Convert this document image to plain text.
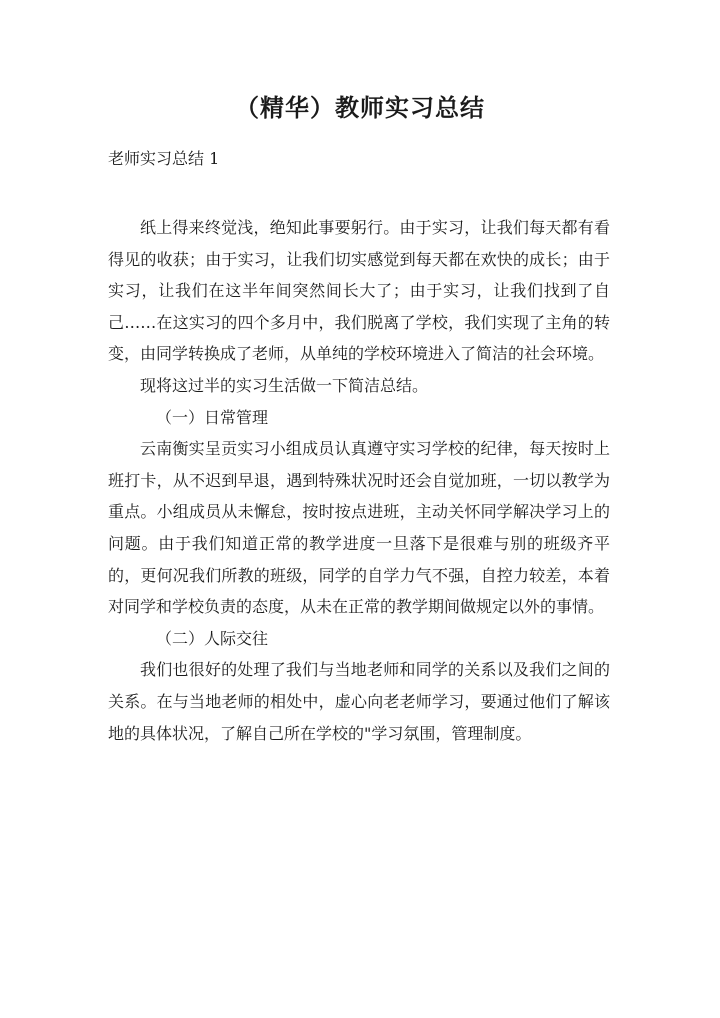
（精华）教师实习总结

老师实习总结 1

纸上得来终觉浅，绝知此事要躬行。由于实习，让我们每天都有看得见的收获；由于实习，让我们切实感觉到每天都在欢快的成长；由于实习，让我们在这半年间突然间长大了；由于实习，让我们找到了自己……在这实习的四个多月中，我们脱离了学校，我们实现了主角的转变，由同学转换成了老师，从单纯的学校环境进入了简洁的社会环境。

现将这过半的实习生活做一下简洁总结。

（一）日常管理

云南衡实呈贡实习小组成员认真遵守实习学校的纪律，每天按时上班打卡，从不迟到早退，遇到特殊状况时还会自觉加班，一切以教学为重点。小组成员从未懈怠，按时按点进班，主动关怀同学解决学习上的问题。由于我们知道正常的教学进度一旦落下是很难与别的班级齐平的，更何况我们所教的班级，同学的自学力气不强，自控力较差，本着对同学和学校负责的态度，从未在正常的教学期间做规定以外的事情。

（二）人际交往

我们也很好的处理了我们与当地老师和同学的关系以及我们之间的关系。在与当地老师的相处中，虚心向老老师学习，要通过他们了解该地的具体状况，了解自己所在学校的"学习氛围，管理制度。
